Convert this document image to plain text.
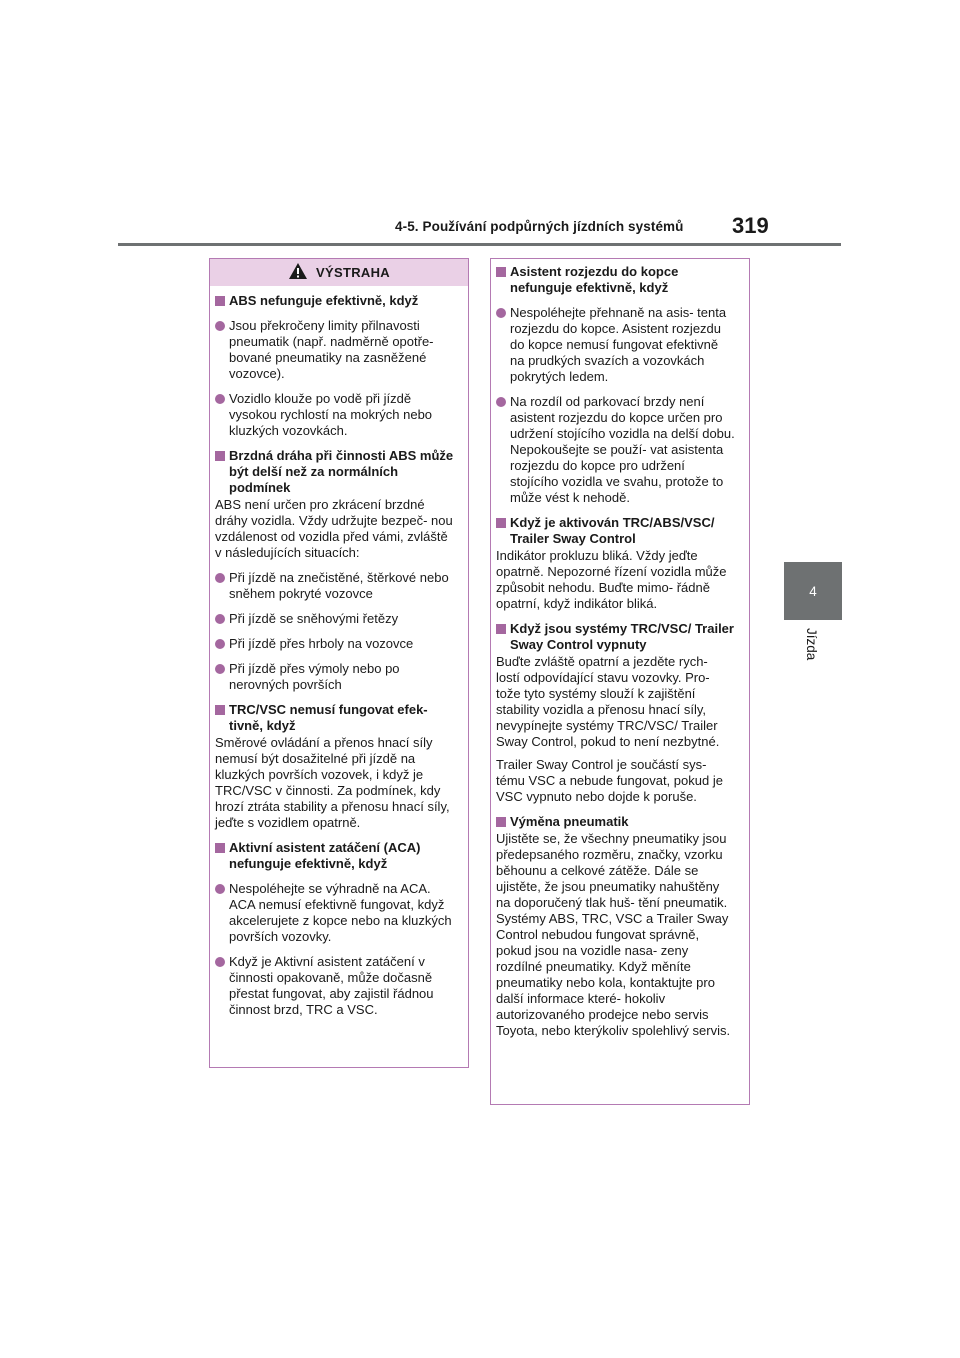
4-5. Používání podpůrných jízdních systémů 319
4
Jízda
VÝSTRAHA
ABS nefunguje efektivně, když
Jsou překročeny limity přilnavosti pneumatik (např. nadměrně opotře- bované pneumatiky na zasněžené vozovce).
Vozidlo klouže po vodě při jízdě vysokou rychlostí na mokrých nebo kluzkých vozovkách.
Brzdná dráha při činnosti ABS může být delší než za normálních podmínek
ABS není určen pro zkrácení brzdné dráhy vozidla. Vždy udržujte bezpeč- nou vzdálenost od vozidla před vámi, zvláště v následujících situacích:
Při jízdě na znečistěné, štěrkové nebo sněhem pokryté vozovce
Při jízdě se sněhovými řetězy
Při jízdě přes hrboly na vozovce
Při jízdě přes výmoly nebo po nerovných površích
TRC/VSC nemusí fungovat efek- tivně, když
Směrové ovládání a přenos hnací síly nemusí být dosažitelné při jízdě na kluzkých površích vozovek, i když je TRC/VSC v činnosti. Za podmínek, kdy hrozí ztráta stability a přenosu hnací síly, jeďte s vozidlem opatrně.
Aktivní asistent zatáčení (ACA) nefunguje efektivně, když
Nespoléhejte se výhradně na ACA. ACA nemusí efektivně fungovat, když akcelerujete z kopce nebo na kluzkých površích vozovky.
Když je Aktivní asistent zatáčení v činnosti opakovaně, může dočasně přestat fungovat, aby zajistil řádnou činnost brzd, TRC a VSC.
Asistent rozjezdu do kopce nefunguje efektivně, když
Nespoléhejte přehnaně na asis- tenta rozjezdu do kopce. Asistent rozjezdu do kopce nemusí fungovat efektivně na prudkých svazích a vozovkách pokrytých ledem.
Na rozdíl od parkovací brzdy není asistent rozjezdu do kopce určen pro udržení stojícího vozidla na delší dobu. Nepokoušejte se použí- vat asistenta rozjezdu do kopce pro udržení stojícího vozidla ve svahu, protože to může vést k nehodě.
Když je aktivován TRC/ABS/VSC/ Trailer Sway Control
Indikátor prokluzu bliká. Vždy jeďte opatrně. Nepozorné řízení vozidla může způsobit nehodu. Buďte mimo- řádně opatrní, když indikátor bliká.
Když jsou systémy TRC/VSC/ Trailer Sway Control vypnuty
Buďte zvláště opatrní a jezděte rych- lostí odpovídající stavu vozovky. Pro- tože tyto systémy slouží k zajištění stability vozidla a přenosu hnací síly, nevypínejte systémy TRC/VSC/ Trailer Sway Control, pokud to není nezbytné.
Trailer Sway Control je součástí sys- tému VSC a nebude fungovat, pokud je VSC vypnuto nebo dojde k poruše.
Výměna pneumatik
Ujistěte se, že všechny pneumatiky jsou předepsaného rozměru, značky, vzorku běhounu a celkové zátěže. Dále se ujistěte, že jsou pneumatiky nahuštěny na doporučený tlak huš- tění pneumatik. Systémy ABS, TRC, VSC a Trailer Sway Control nebudou fungovat správně, pokud jsou na vozidle nasa- zeny rozdílné pneumatiky. Když měníte pneumatiky nebo kola, kontaktujte pro další informace které- hokoliv autorizovaného prodejce nebo servis Toyota, nebo kterýkoliv spolehlivý servis.
